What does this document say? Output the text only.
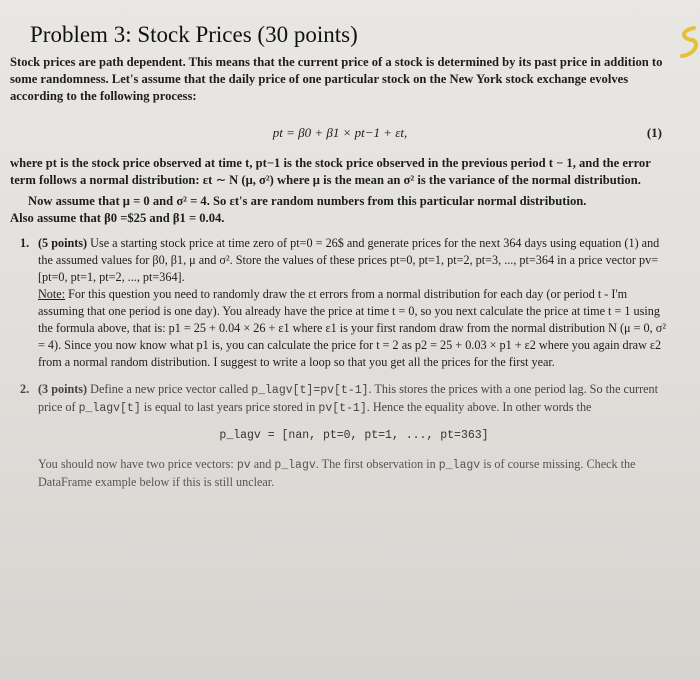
Problem 3: Stock Prices (30 points)

Stock prices are path dependent. This means that the current price of a stock is determined by its past price in addition to some randomness. Let's assume that the daily price of one particular stock on the New York stock exchange evolves according to the following process:

pt = β0 + β1 × pt−1 + εt,	(1)

where pt is the stock price observed at time t, pt−1 is the stock price observed in the previous period t − 1, and the error term follows a normal distribution: εt ∼ N (μ, σ²) where μ is the mean an σ² is the variance of the normal distribution.

Now assume that μ = 0 and σ² = 4. So εt's are random numbers from this particular normal distribution.

Also assume that β0 =$25 and β1 = 0.04.

1. (5 points) Use a starting stock price at time zero of pt=0 = 26$ and generate prices for the next 364 days using equation (1) and the assumed values for β0, β1, μ and σ². Store the values of these prices pt=0, pt=1, pt=2, pt=3, ..., pt=364 in a price vector pv=[pt=0, pt=1, pt=2, ..., pt=364].
Note: For this question you need to randomly draw the εt errors from a normal distribution for each day (or period t - I'm assuming that one period is one day). You already have the price at time t = 0, so you next calculate the price at time t = 1 using the formula above, that is: p1 = 25 + 0.04 × 26 + ε1 where ε1 is your first random draw from the normal distribution N (μ = 0, σ² = 4). Since you now know what p1 is, you can calculate the price for t = 2 as p2 = 25 + 0.03 × p1 + ε2 where you again draw ε2 from a normal random distribution. I suggest to write a loop so that you get all the prices for the first year.
2. (3 points) Define a new price vector called p_lagv[t]=pv[t-1]. This stores the prices with a one period lag. So the current price of p_lagv[t] is equal to last years price stored in pv[t-1]. Hence the equality above. In other words the
p_lagv = [nan, pt=0, pt=1, ..., pt=363]

You should now have two price vectors: pv and p_lagv. The first observation in p_lagv is of course missing. Check the DataFrame example below if this is still unclear.
